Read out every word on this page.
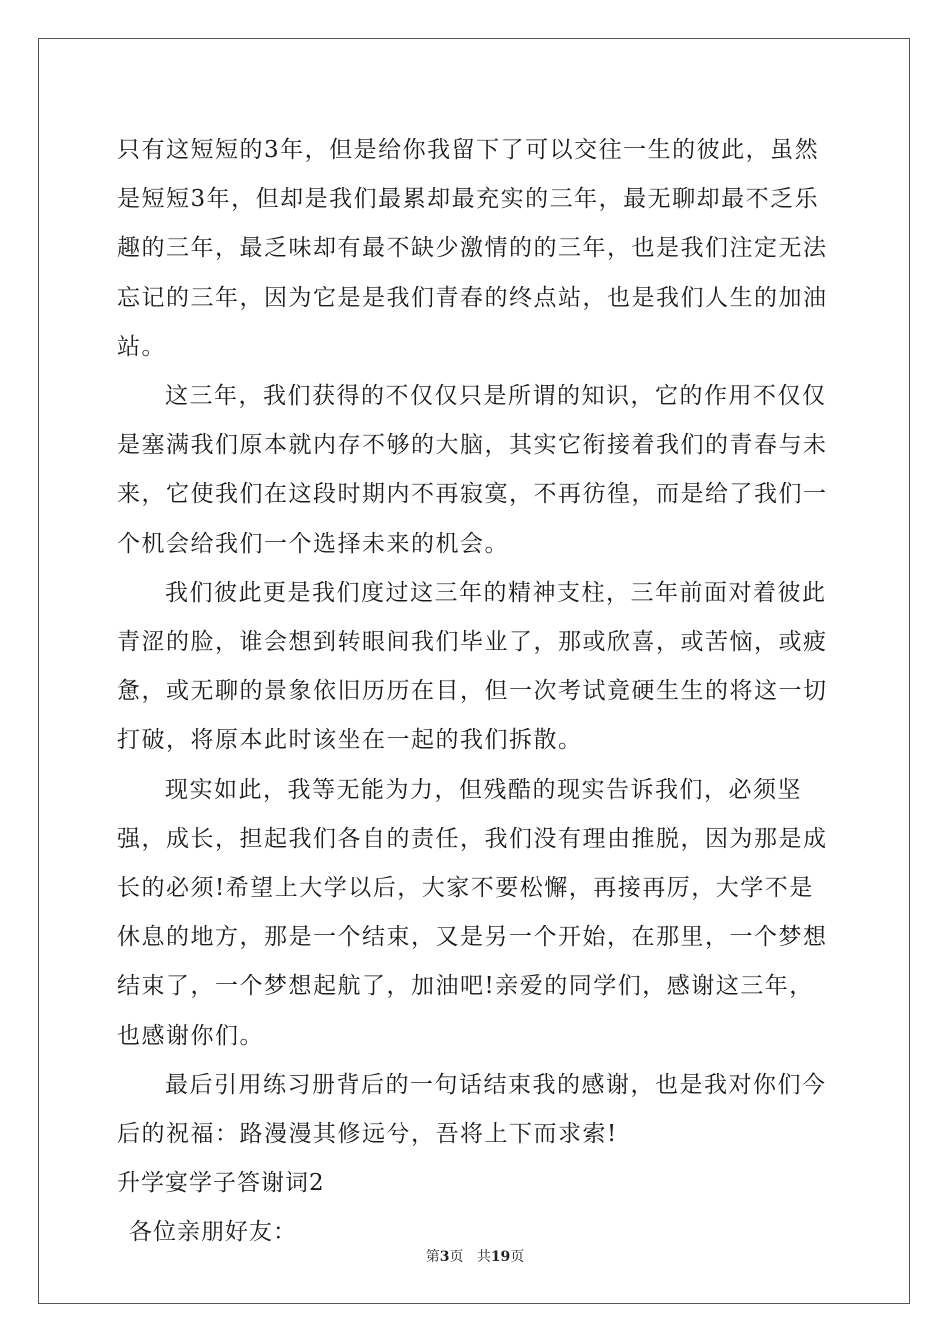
只有这短短的3年，但是给你我留下了可以交往一生的彼此，虽然是短短3年，但却是我们最累却最充实的三年，最无聊却最不乏乐趣的三年，最乏味却有最不缺少激情的的三年，也是我们注定无法忘记的三年，因为它是是我们青春的终点站，也是我们人生的加油站。

这三年，我们获得的不仅仅只是所谓的知识，它的作用不仅仅是塞满我们原本就内存不够的大脑，其实它衔接着我们的青春与未来，它使我们在这段时期内不再寂寞，不再彷徨，而是给了我们一个机会给我们一个选择未来的机会。

我们彼此更是我们度过这三年的精神支柱，三年前面对着彼此青涩的脸，谁会想到转眼间我们毕业了，那或欣喜，或苦恼，或疲惫，或无聊的景象依旧历历在目，但一次考试竟硬生生的将这一切打破，将原本此时该坐在一起的我们拆散。

现实如此，我等无能为力，但残酷的现实告诉我们，必须坚强，成长，担起我们各自的责任，我们没有理由推脱，因为那是成长的必须!希望上大学以后，大家不要松懈，再接再厉，大学不是休息的地方，那是一个结束，又是另一个开始，在那里，一个梦想结束了，一个梦想起航了，加油吧!亲爱的同学们，感谢这三年，也感谢你们。

最后引用练习册背后的一句话结束我的感谢，也是我对你们今后的祝福：路漫漫其修远兮，吾将上下而求索!

升学宴学子答谢词2

各位亲朋好友：

第3页 共19页
